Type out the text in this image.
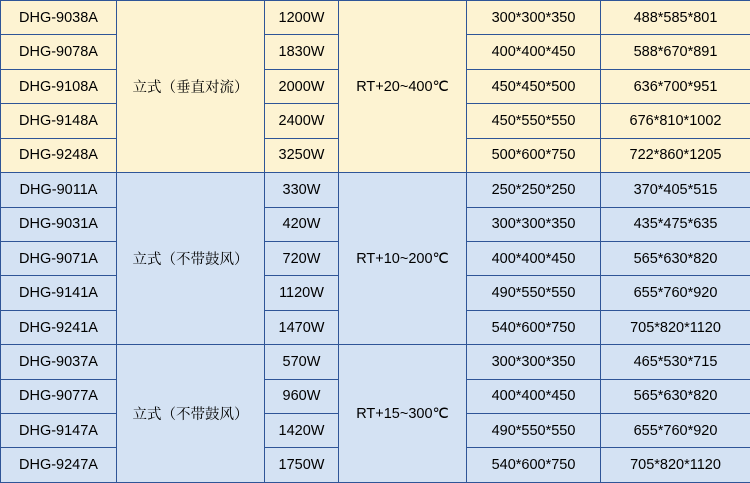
DHG-9038A	立式（垂直对流）	1200W	RT+20~400℃	300*300*350	488*585*801
DHG-9078A		1830W		400*400*450	588*670*891
DHG-9108A		2000W		450*450*500	636*700*951
DHG-9148A		2400W		450*550*550	676*810*1002
DHG-9248A		3250W		500*600*750	722*860*1205
DHG-9011A	立式（不带鼓风）	330W	RT+10~200℃	250*250*250	370*405*515
DHG-9031A		420W		300*300*350	435*475*635
DHG-9071A		720W		400*400*450	565*630*820
DHG-9141A		1120W		490*550*550	655*760*920
DHG-9241A		1470W		540*600*750	705*820*1120
DHG-9037A	立式（不带鼓风）	570W	RT+15~300℃	300*300*350	465*530*715
DHG-9077A		960W		400*400*450	565*630*820
DHG-9147A		1420W		490*550*550	655*760*920
DHG-9247A		1750W		540*600*750	705*820*1120
